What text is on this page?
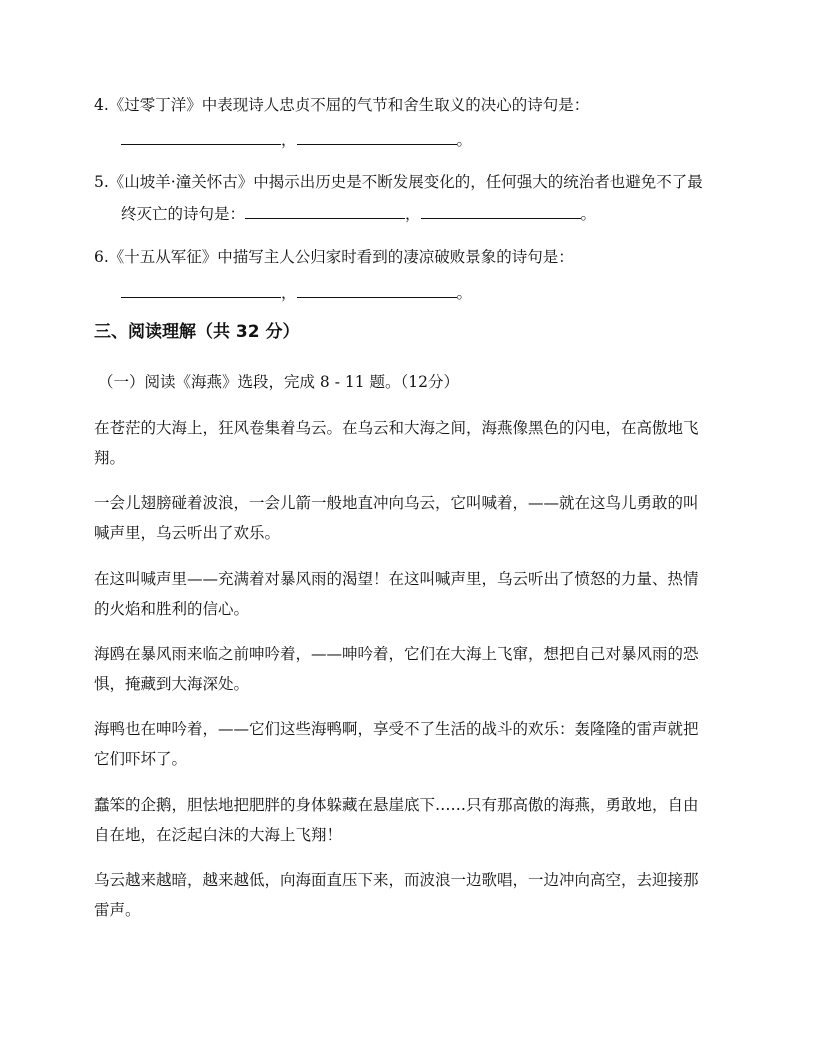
4.《过零丁洋》中表现诗人忠贞不屈的气节和舍生取义的决心的诗句是：
，	。
5.《山坡羊·潼关怀古》中揭示出历史是不断发展变化的，任何强大的统治者也避免不了最
终灭亡的诗句是：	，	。
6.《十五从军征》中描写主人公归家时看到的凄凉破败景象的诗句是：
，	。
三、阅读理解（共 32 分）
（一）阅读《海燕》选段，完成 8 - 11 题。（12分）
在苍茫的大海上，狂风卷集着乌云。在乌云和大海之间，海燕像黑色的闪电，在高傲地飞
翔。
一会儿翅膀碰着波浪，一会儿箭一般地直冲向乌云，它叫喊着，——就在这鸟儿勇敢的叫
喊声里，乌云听出了欢乐。
在这叫喊声里——充满着对暴风雨的渴望！在这叫喊声里，乌云听出了愤怒的力量、热情
的火焰和胜利的信心。
海鸥在暴风雨来临之前呻吟着，——呻吟着，它们在大海上飞窜，想把自己对暴风雨的恐
惧，掩藏到大海深处。
海鸭也在呻吟着，——它们这些海鸭啊，享受不了生活的战斗的欢乐：轰隆隆的雷声就把
它们吓坏了。
蠢笨的企鹅，胆怯地把肥胖的身体躲藏在悬崖底下……只有那高傲的海燕，勇敢地，自由
自在地，在泛起白沫的大海上飞翔！
乌云越来越暗，越来越低，向海面直压下来，而波浪一边歌唱，一边冲向高空，去迎接那
雷声。
